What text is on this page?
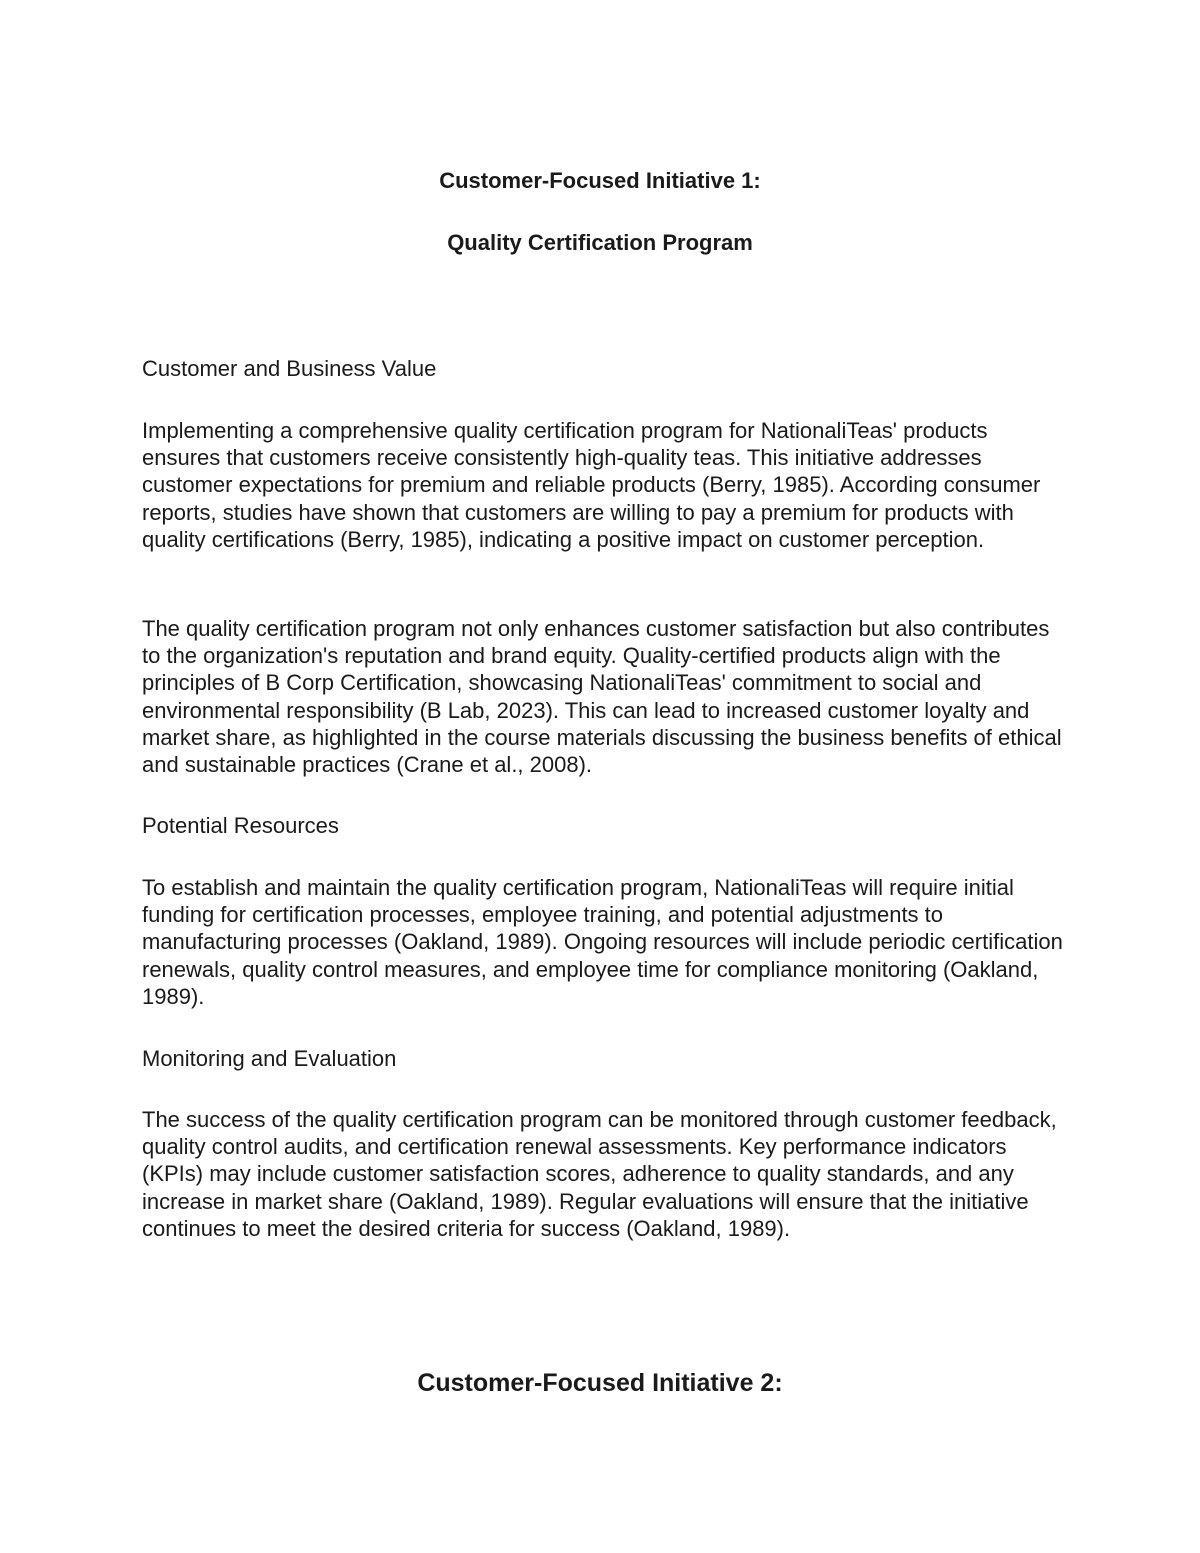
Customer-Focused Initiative 1:
Quality Certification Program

Customer and Business Value

Implementing a comprehensive quality certification program for NationaliTeas' products ensures that customers receive consistently high-quality teas. This initiative addresses customer expectations for premium and reliable products (Berry, 1985). According consumer reports, studies have shown that customers are willing to pay a premium for products with quality certifications (Berry, 1985), indicating a positive impact on customer perception.

The quality certification program not only enhances customer satisfaction but also contributes to the organization's reputation and brand equity. Quality-certified products align with the principles of B Corp Certification, showcasing NationaliTeas' commitment to social and environmental responsibility (B Lab, 2023). This can lead to increased customer loyalty and market share, as highlighted in the course materials discussing the business benefits of ethical and sustainable practices (Crane et al., 2008).

Potential Resources

To establish and maintain the quality certification program, NationaliTeas will require initial funding for certification processes, employee training, and potential adjustments to manufacturing processes (Oakland, 1989). Ongoing resources will include periodic certification renewals, quality control measures, and employee time for compliance monitoring (Oakland, 1989).

Monitoring and Evaluation

The success of the quality certification program can be monitored through customer feedback, quality control audits, and certification renewal assessments. Key performance indicators (KPIs) may include customer satisfaction scores, adherence to quality standards, and any increase in market share (Oakland, 1989). Regular evaluations will ensure that the initiative continues to meet the desired criteria for success (Oakland, 1989).

Customer-Focused Initiative 2:
